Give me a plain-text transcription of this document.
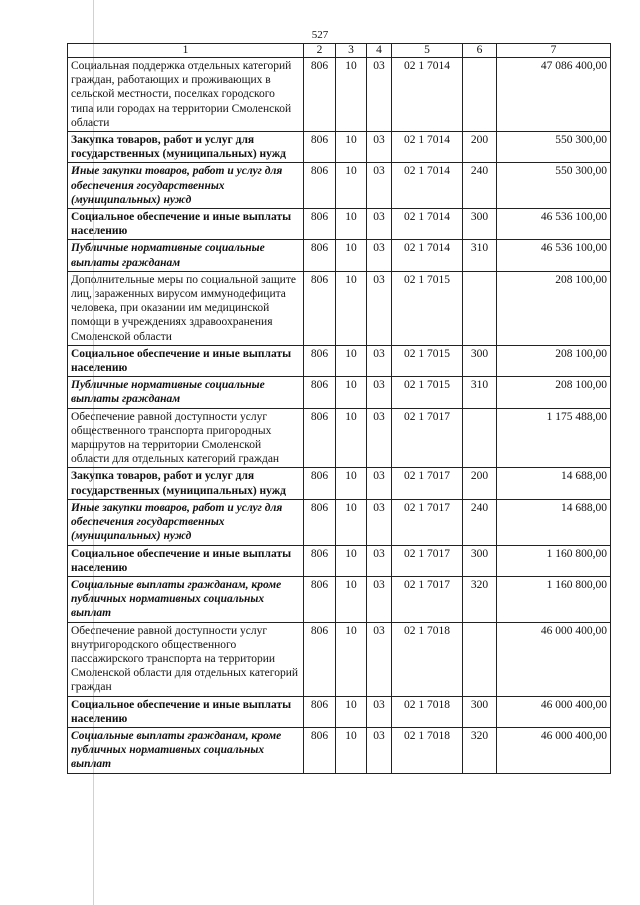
527
1	2	3	4	5	6	7
Социальная поддержка отдельных категорий граждан, работающих и проживающих в сельской местности, поселках городского типа или городах на территории Смоленской области	806	10	03	02 1 7014		47 086 400,00
Закупка товаров, работ и услуг для государственных (муниципальных) нужд	806	10	03	02 1 7014	200	550 300,00
Иные закупки товаров, работ и услуг для обеспечения государственных (муниципальных) нужд	806	10	03	02 1 7014	240	550 300,00
Социальное обеспечение и иные выплаты населению	806	10	03	02 1 7014	300	46 536 100,00
Публичные нормативные социальные выплаты гражданам	806	10	03	02 1 7014	310	46 536 100,00
Дополнительные меры по социальной защите лиц, зараженных вирусом иммунодефицита человека, при оказании им медицинской помощи в учреждениях здравоохранения Смоленской области	806	10	03	02 1 7015		208 100,00
Социальное обеспечение и иные выплаты населению	806	10	03	02 1 7015	300	208 100,00
Публичные нормативные социальные выплаты гражданам	806	10	03	02 1 7015	310	208 100,00
Обеспечение равной доступности услуг общественного транспорта пригородных маршрутов на территории Смоленской области для отдельных категорий граждан	806	10	03	02 1 7017		1 175 488,00
Закупка товаров, работ и услуг для государственных (муниципальных) нужд	806	10	03	02 1 7017	200	14 688,00
Иные закупки товаров, работ и услуг для обеспечения государственных (муниципальных) нужд	806	10	03	02 1 7017	240	14 688,00
Социальное обеспечение и иные выплаты населению	806	10	03	02 1 7017	300	1 160 800,00
Социальные выплаты гражданам, кроме публичных нормативных социальных выплат	806	10	03	02 1 7017	320	1 160 800,00
Обеспечение равной доступности услуг внутригородского общественного пассажирского транспорта на территории Смоленской области для отдельных категорий граждан	806	10	03	02 1 7018		46 000 400,00
Социальное обеспечение и иные выплаты населению	806	10	03	02 1 7018	300	46 000 400,00
Социальные выплаты гражданам, кроме публичных нормативных социальных выплат	806	10	03	02 1 7018	320	46 000 400,00
